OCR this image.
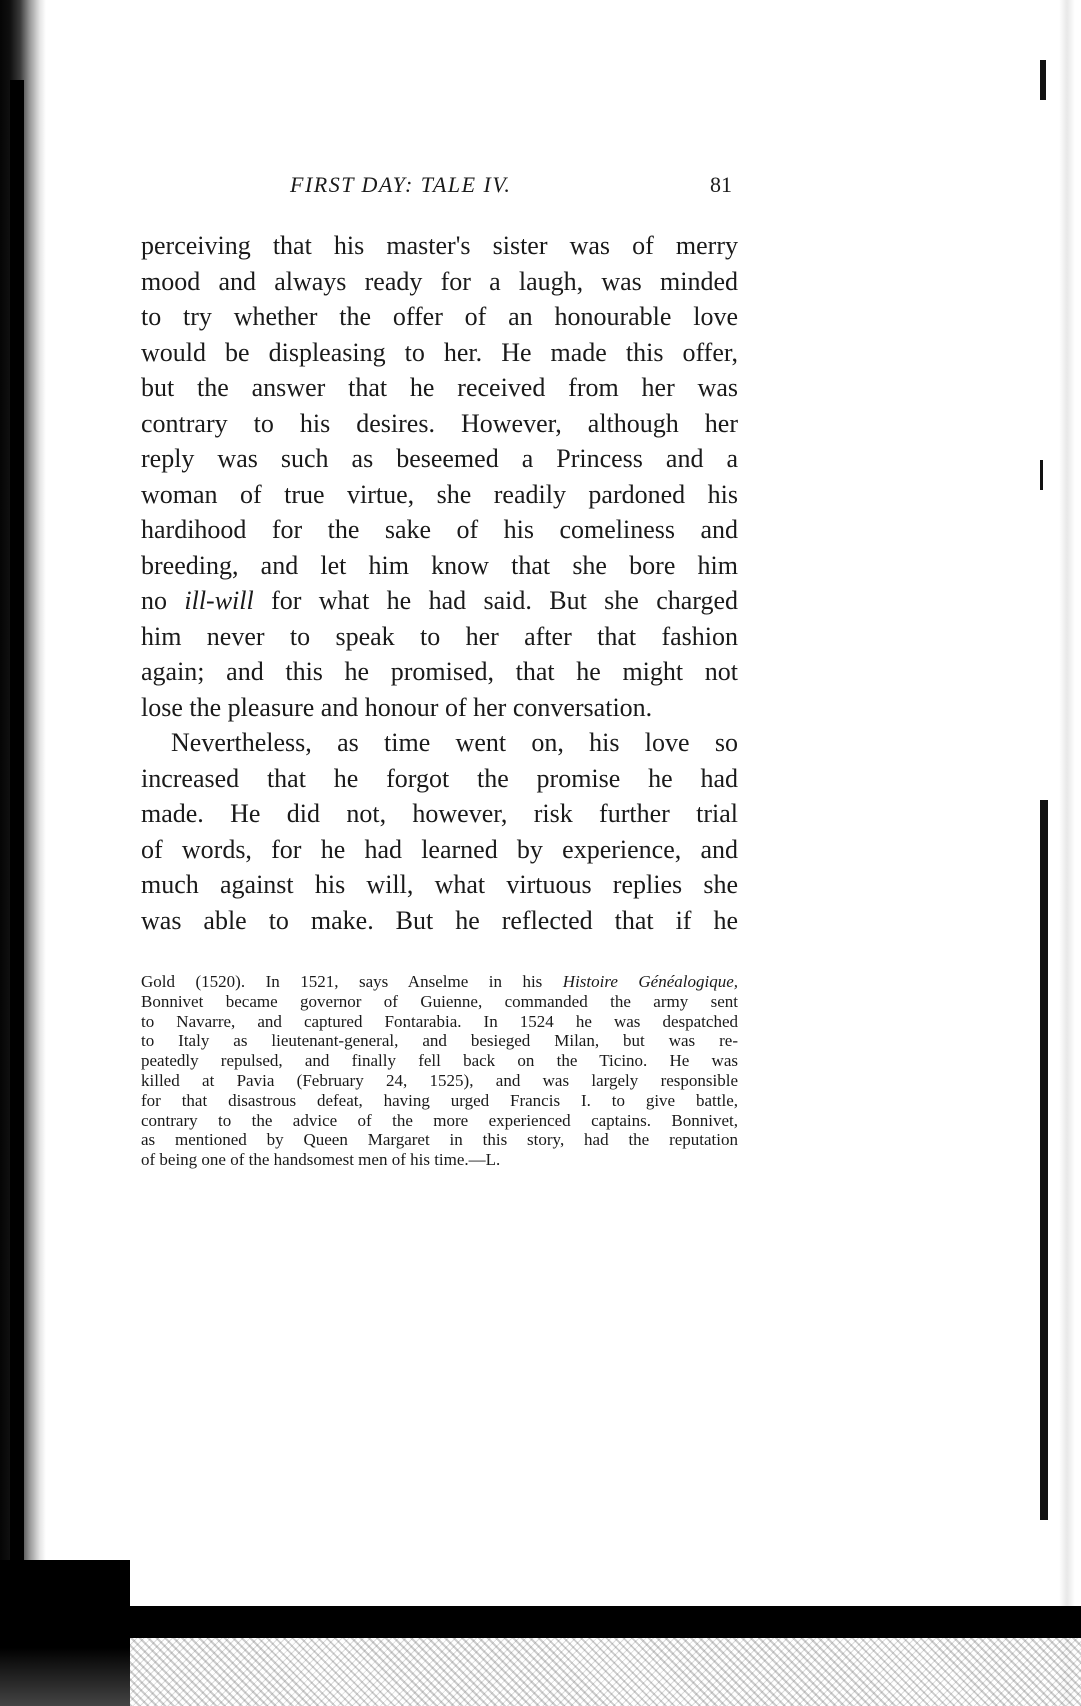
FIRST DAY: TALE IV.	81
perceiving that his master's sister was of merry
mood and always ready for a laugh, was minded
to try whether the offer of an honourable love
would be displeasing to her. He made this offer,
but the answer that he received from her was
contrary to his desires. However, although her
reply was such as beseemed a Princess and a
woman of true virtue, she readily pardoned his
hardihood for the sake of his comeliness and
breeding, and let him know that she bore him
no ill-will for what he had said. But she charged
him never to speak to her after that fashion
again; and this he promised, that he might not
lose the pleasure and honour of her conversation.
Nevertheless, as time went on, his love so
increased that he forgot the promise he had
made. He did not, however, risk further trial
of words, for he had learned by experience, and
much against his will, what virtuous replies she
was able to make. But he reflected that if he
Gold (1520). In 1521, says Anselme in his Histoire Généalogique,
Bonnivet became governor of Guienne, commanded the army sent
to Navarre, and captured Fontarabia. In 1524 he was despatched
to Italy as lieutenant-general, and besieged Milan, but was re-
peatedly repulsed, and finally fell back on the Ticino. He was
killed at Pavia (February 24, 1525), and was largely responsible
for that disastrous defeat, having urged Francis I. to give battle,
contrary to the advice of the more experienced captains. Bonnivet,
as mentioned by Queen Margaret in this story, had the reputation
of being one of the handsomest men of his time.—L.
